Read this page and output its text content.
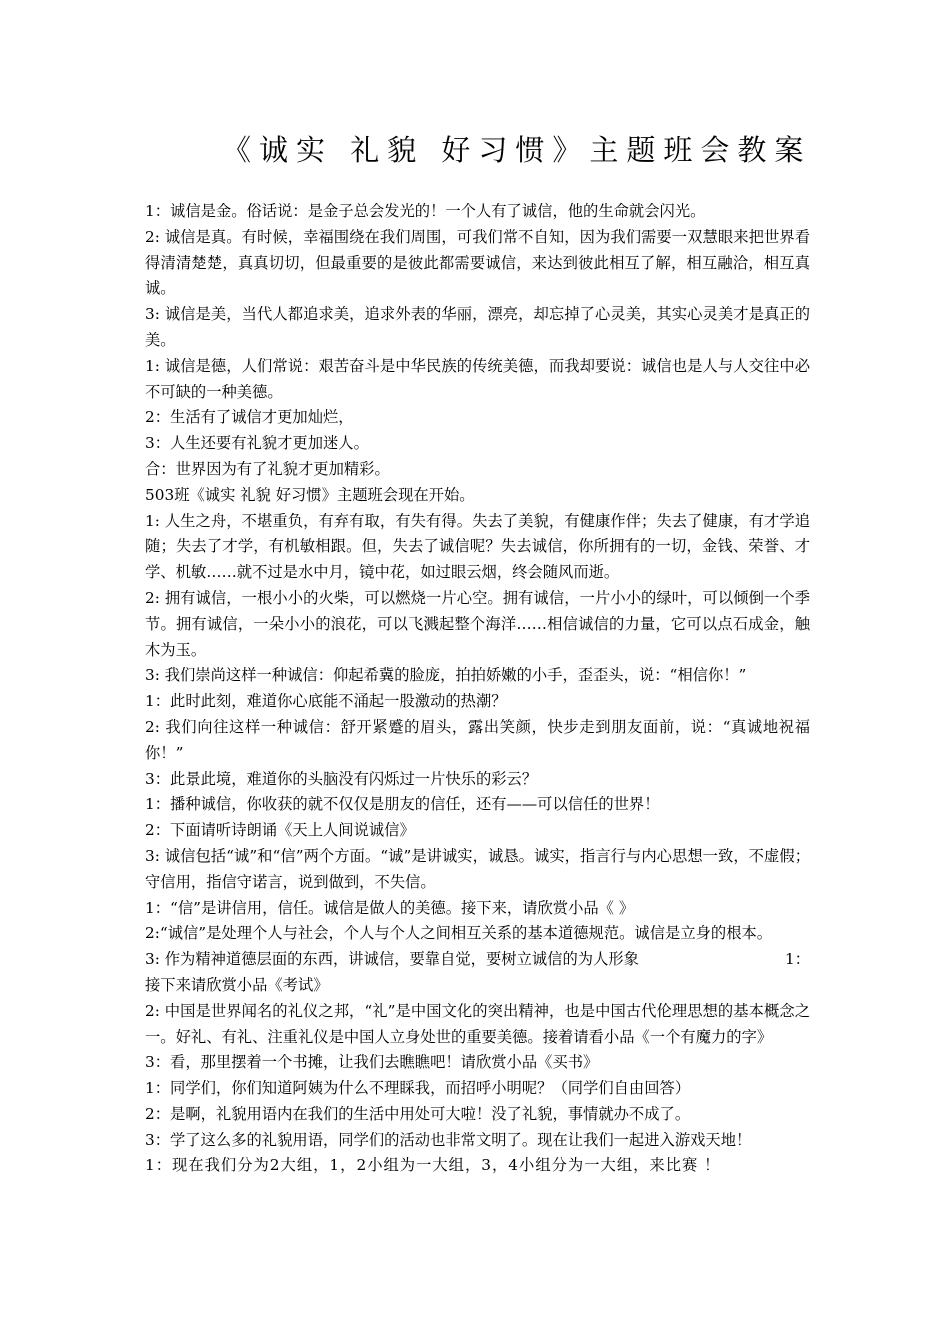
《诚实 礼貌 好习惯》主题班会教案

1：诚信是金。俗话说：是金子总会发光的！一个人有了诚信，他的生命就会闪光。

2: 诚信是真。有时候，幸福围绕在我们周围，可我们常不自知，因为我们需要一双慧眼来把世界看得清清楚楚，真真切切，但最重要的是彼此都需要诚信，来达到彼此相互了解，相互融洽，相互真诚。

3: 诚信是美，当代人都追求美，追求外表的华丽，漂亮，却忘掉了心灵美，其实心灵美才是真正的美。

1: 诚信是德，人们常说：艰苦奋斗是中华民族的传统美德，而我却要说：诚信也是人与人交往中必不可缺的一种美德。

2：生活有了诚信才更加灿烂，

3：人生还要有礼貌才更加迷人。

合：世界因为有了礼貌才更加精彩。

503班《诚实 礼貌 好习惯》主题班会现在开始。

1: 人生之舟，不堪重负，有弃有取，有失有得。失去了美貌，有健康作伴；失去了健康，有才学追随；失去了才学，有机敏相跟。但，失去了诚信呢？失去诚信，你所拥有的一切，金钱、荣誉、才学、机敏……就不过是水中月，镜中花，如过眼云烟，终会随风而逝。

2: 拥有诚信，一根小小的火柴，可以燃烧一片心空。拥有诚信，一片小小的绿叶，可以倾倒一个季节。拥有诚信，一朵小小的浪花，可以飞溅起整个海洋……相信诚信的力量，它可以点石成金，触木为玉。

3: 我们崇尚这样一种诚信：仰起希冀的脸庞，拍拍娇嫩的小手，歪歪头，说：“相信你！”

1：此时此刻，难道你心底能不涌起一股激动的热潮？

2: 我们向往这样一种诚信：舒开紧蹙的眉头，露出笑颜，快步走到朋友面前，说：“真诚地祝福你！”

3：此景此境，难道你的头脑没有闪烁过一片快乐的彩云？

1：播种诚信，你收获的就不仅仅是朋友的信任，还有——可以信任的世界！

2：下面请听诗朗诵《天上人间说诚信》

3: 诚信包括“诚”和“信”两个方面。“诚”是讲诚实，诚恳。诚实，指言行与内心思想一致，不虚假；守信用，指信守诺言，说到做到，不失信。

1：“信”是讲信用，信任。诚信是做人的美德。接下来，请欣赏小品《 》

2:“诚信”是处理个人与社会，个人与个人之间相互关系的基本道德规范。诚信是立身的根本。

3: 作为精神道德层面的东西，讲诚信，要靠自觉，要树立诚信的为人形象	1：

接下来请欣赏小品《考试》

2: 中国是世界闻名的礼仪之邦，“礼”是中国文化的突出精神，也是中国古代伦理思想的基本概念之一。好礼、有礼、注重礼仪是中国人立身处世的重要美德。接着请看小品《一个有魔力的字》

3：看，那里摆着一个书摊，让我们去瞧瞧吧！请欣赏小品《买书》

1：同学们，你们知道阿姨为什么不理睬我，而招呼小明呢？（同学们自由回答）

2：是啊，礼貌用语内在我们的生活中用处可大啦！没了礼貌，事情就办不成了。

3：学了这么多的礼貌用语，同学们的活动也非常文明了。现在让我们一起进入游戏天地！

1：现在我们分为2大组，1，2小组为一大组，3，4小组分为一大组，来比赛 ！
